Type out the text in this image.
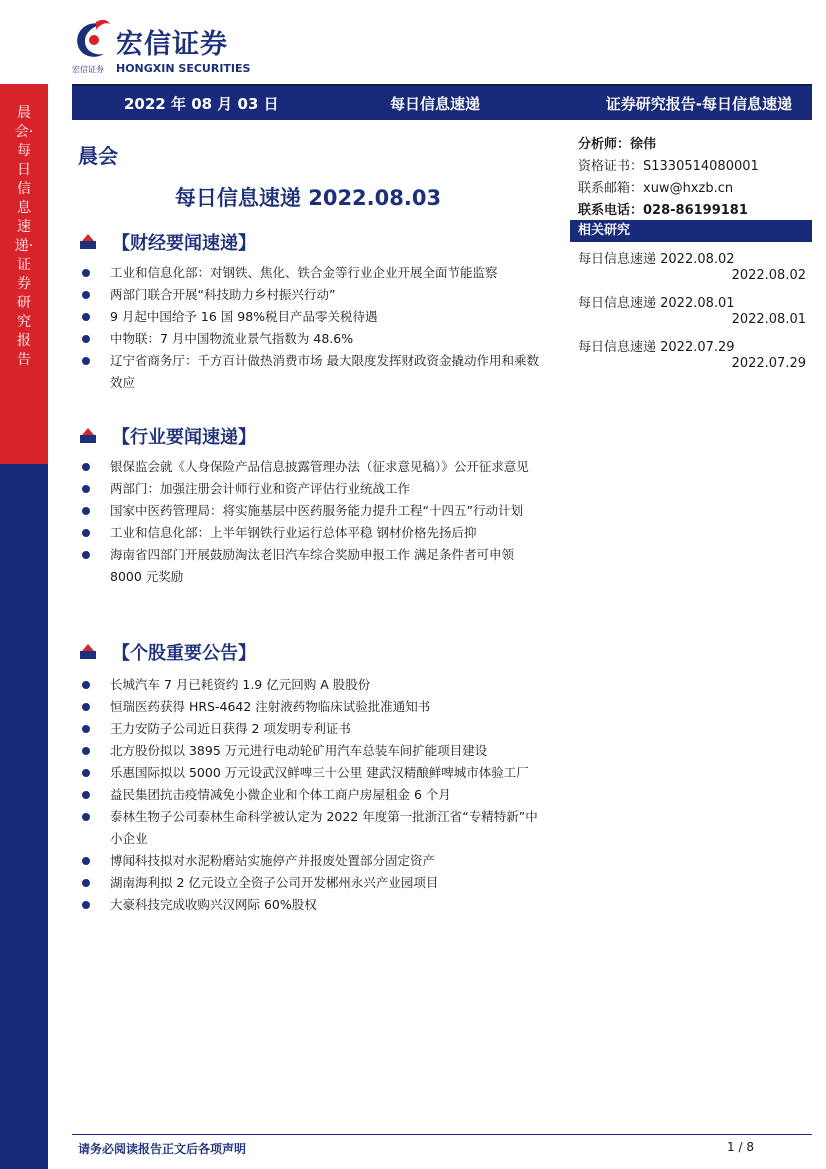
宏信证券
宏信证券 HONGXIN SECURITIES
2022 年 08 月 03 日	每日信息速递	证券研究报告-每日信息速递
晨会·每日信息速递·证券研究报告
晨会
每日信息速递 2022.08.03
【财经要闻速递】
工业和信息化部：对钢铁、焦化、铁合金等行业企业开展全面节能监察
两部门联合开展“科技助力乡村振兴行动”
9 月起中国给予 16 国 98%税目产品零关税待遇
中物联：7 月中国物流业景气指数为 48.6%
辽宁省商务厅：千方百计做热消费市场 最大限度发挥财政资金撬动作用和乘数效应
【行业要闻速递】
银保监会就《人身保险产品信息披露管理办法（征求意见稿）》公开征求意见
两部门：加强注册会计师行业和资产评估行业统战工作
国家中医药管理局：将实施基层中医药服务能力提升工程“十四五”行动计划
工业和信息化部：上半年钢铁行业运行总体平稳 钢材价格先扬后抑
海南省四部门开展鼓励淘汰老旧汽车综合奖励申报工作 满足条件者可申领 8000 元奖励
【个股重要公告】
长城汽车 7 月已耗资约 1.9 亿元回购 A 股股份
恒瑞医药获得 HRS-4642 注射液药物临床试验批准通知书
王力安防子公司近日获得 2 项发明专利证书
北方股份拟以 3895 万元进行电动轮矿用汽车总装车间扩能项目建设
乐惠国际拟以 5000 万元设武汉鲜啤三十公里 建武汉精酿鲜啤城市体验工厂
益民集团抗击疫情减免小微企业和个体工商户房屋租金 6 个月
泰林生物子公司泰林生命科学被认定为 2022 年度第一批浙江省“专精特新”中小企业
博闻科技拟对水泥粉磨站实施停产并报废处置部分固定资产
湖南海利拟 2 亿元设立全资子公司开发郴州永兴产业园项目
大豪科技完成收购兴汉网际 60%股权
分析师：徐伟
资格证书：S1330514080001
联系邮箱：xuw@hxzb.cn
联系电话：028-86199181
相关研究
每日信息速递 2022.08.02
2022.08.02
每日信息速递 2022.08.01
2022.08.01
每日信息速递 2022.07.29
2022.07.29
请务必阅读报告正文后各项声明	1 / 8
